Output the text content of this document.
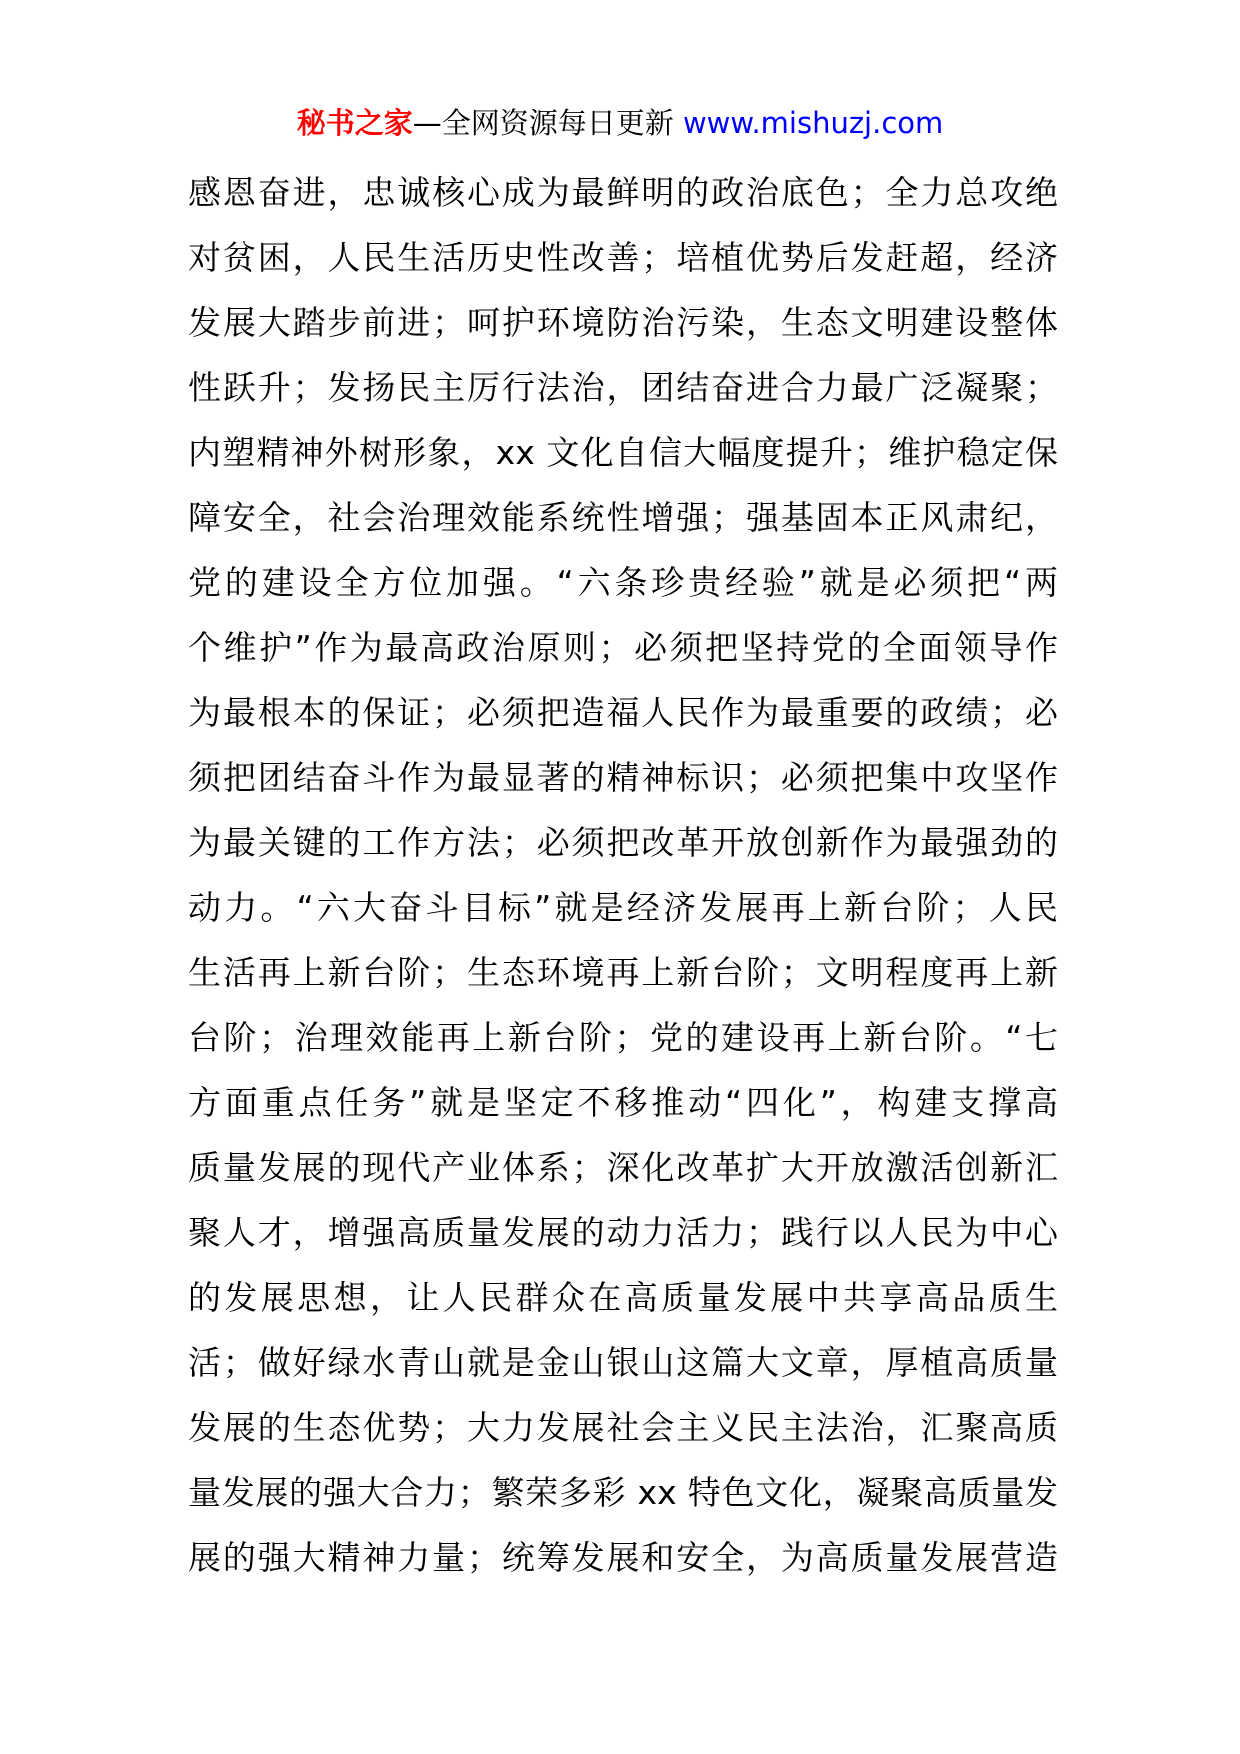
秘书之家—全网资源每日更新 www.mishuzj.com
感恩奋进，忠诚核心成为最鲜明的政治底色；全力总攻绝
对贫困，人民生活历史性改善；培植优势后发赶超，经济
发展大踏步前进；呵护环境防治污染，生态文明建设整体
性跃升；发扬民主厉行法治，团结奋进合力最广泛凝聚；
内塑精神外树形象，xx 文化自信大幅度提升；维护稳定保
障安全，社会治理效能系统性增强；强基固本正风肃纪，
党的建设全方位加强。“六条珍贵经验”就是必须把“两
个维护”作为最高政治原则；必须把坚持党的全面领导作
为最根本的保证；必须把造福人民作为最重要的政绩；必
须把团结奋斗作为最显著的精神标识；必须把集中攻坚作
为最关键的工作方法；必须把改革开放创新作为最强劲的
动力。“六大奋斗目标”就是经济发展再上新台阶；人民
生活再上新台阶；生态环境再上新台阶；文明程度再上新
台阶；治理效能再上新台阶；党的建设再上新台阶。“七
方面重点任务”就是坚定不移推动“四化”，构建支撑高
质量发展的现代产业体系；深化改革扩大开放激活创新汇
聚人才，增强高质量发展的动力活力；践行以人民为中心
的发展思想，让人民群众在高质量发展中共享高品质生
活；做好绿水青山就是金山银山这篇大文章，厚植高质量
发展的生态优势；大力发展社会主义民主法治，汇聚高质
量发展的强大合力；繁荣多彩 xx 特色文化，凝聚高质量发
展的强大精神力量；统筹发展和安全，为高质量发展营造
